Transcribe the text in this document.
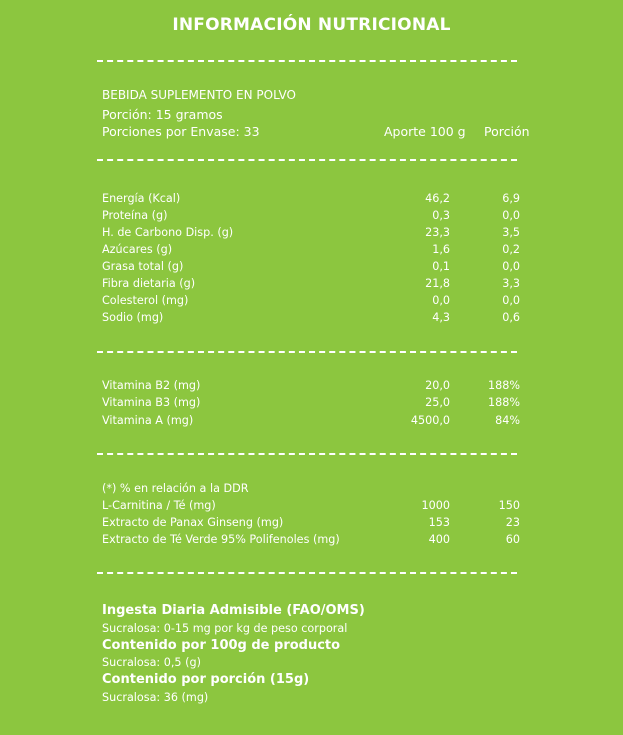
INFORMACIÓN NUTRICIONAL
BEBIDA SUPLEMENTO EN POLVO
Porción: 15 gramos
Porciones por Envase: 33	Aporte 100 g Porción
Energía (Kcal)	46,2	6,9
Proteína (g)	0,3	0,0
H. de Carbono Disp. (g)	23,3	3,5
Azúcares (g)	1,6	0,2
Grasa total (g)	0,1	0,0
Fibra dietaria (g)	21,8	3,3
Colesterol (mg)	0,0	0,0
Sodio (mg)	4,3	0,6
Vitamina B2 (mg)	20,0	188%
Vitamina B3 (mg)	25,0	188%
Vitamina A (mg)	4500,0	84%
(*) % en relación a la DDR
L-Carnitina / Té (mg)	1000	150
Extracto de Panax Ginseng (mg)	153	23
Extracto de Té Verde 95% Polifenoles (mg)	400	60
Ingesta Diaria Admisible (FAO/OMS)
Sucralosa: 0-15 mg por kg de peso corporal
Contenido por 100g de producto
Sucralosa: 0,5 (g)
Contenido por porción (15g)
Sucralosa: 36 (mg)
